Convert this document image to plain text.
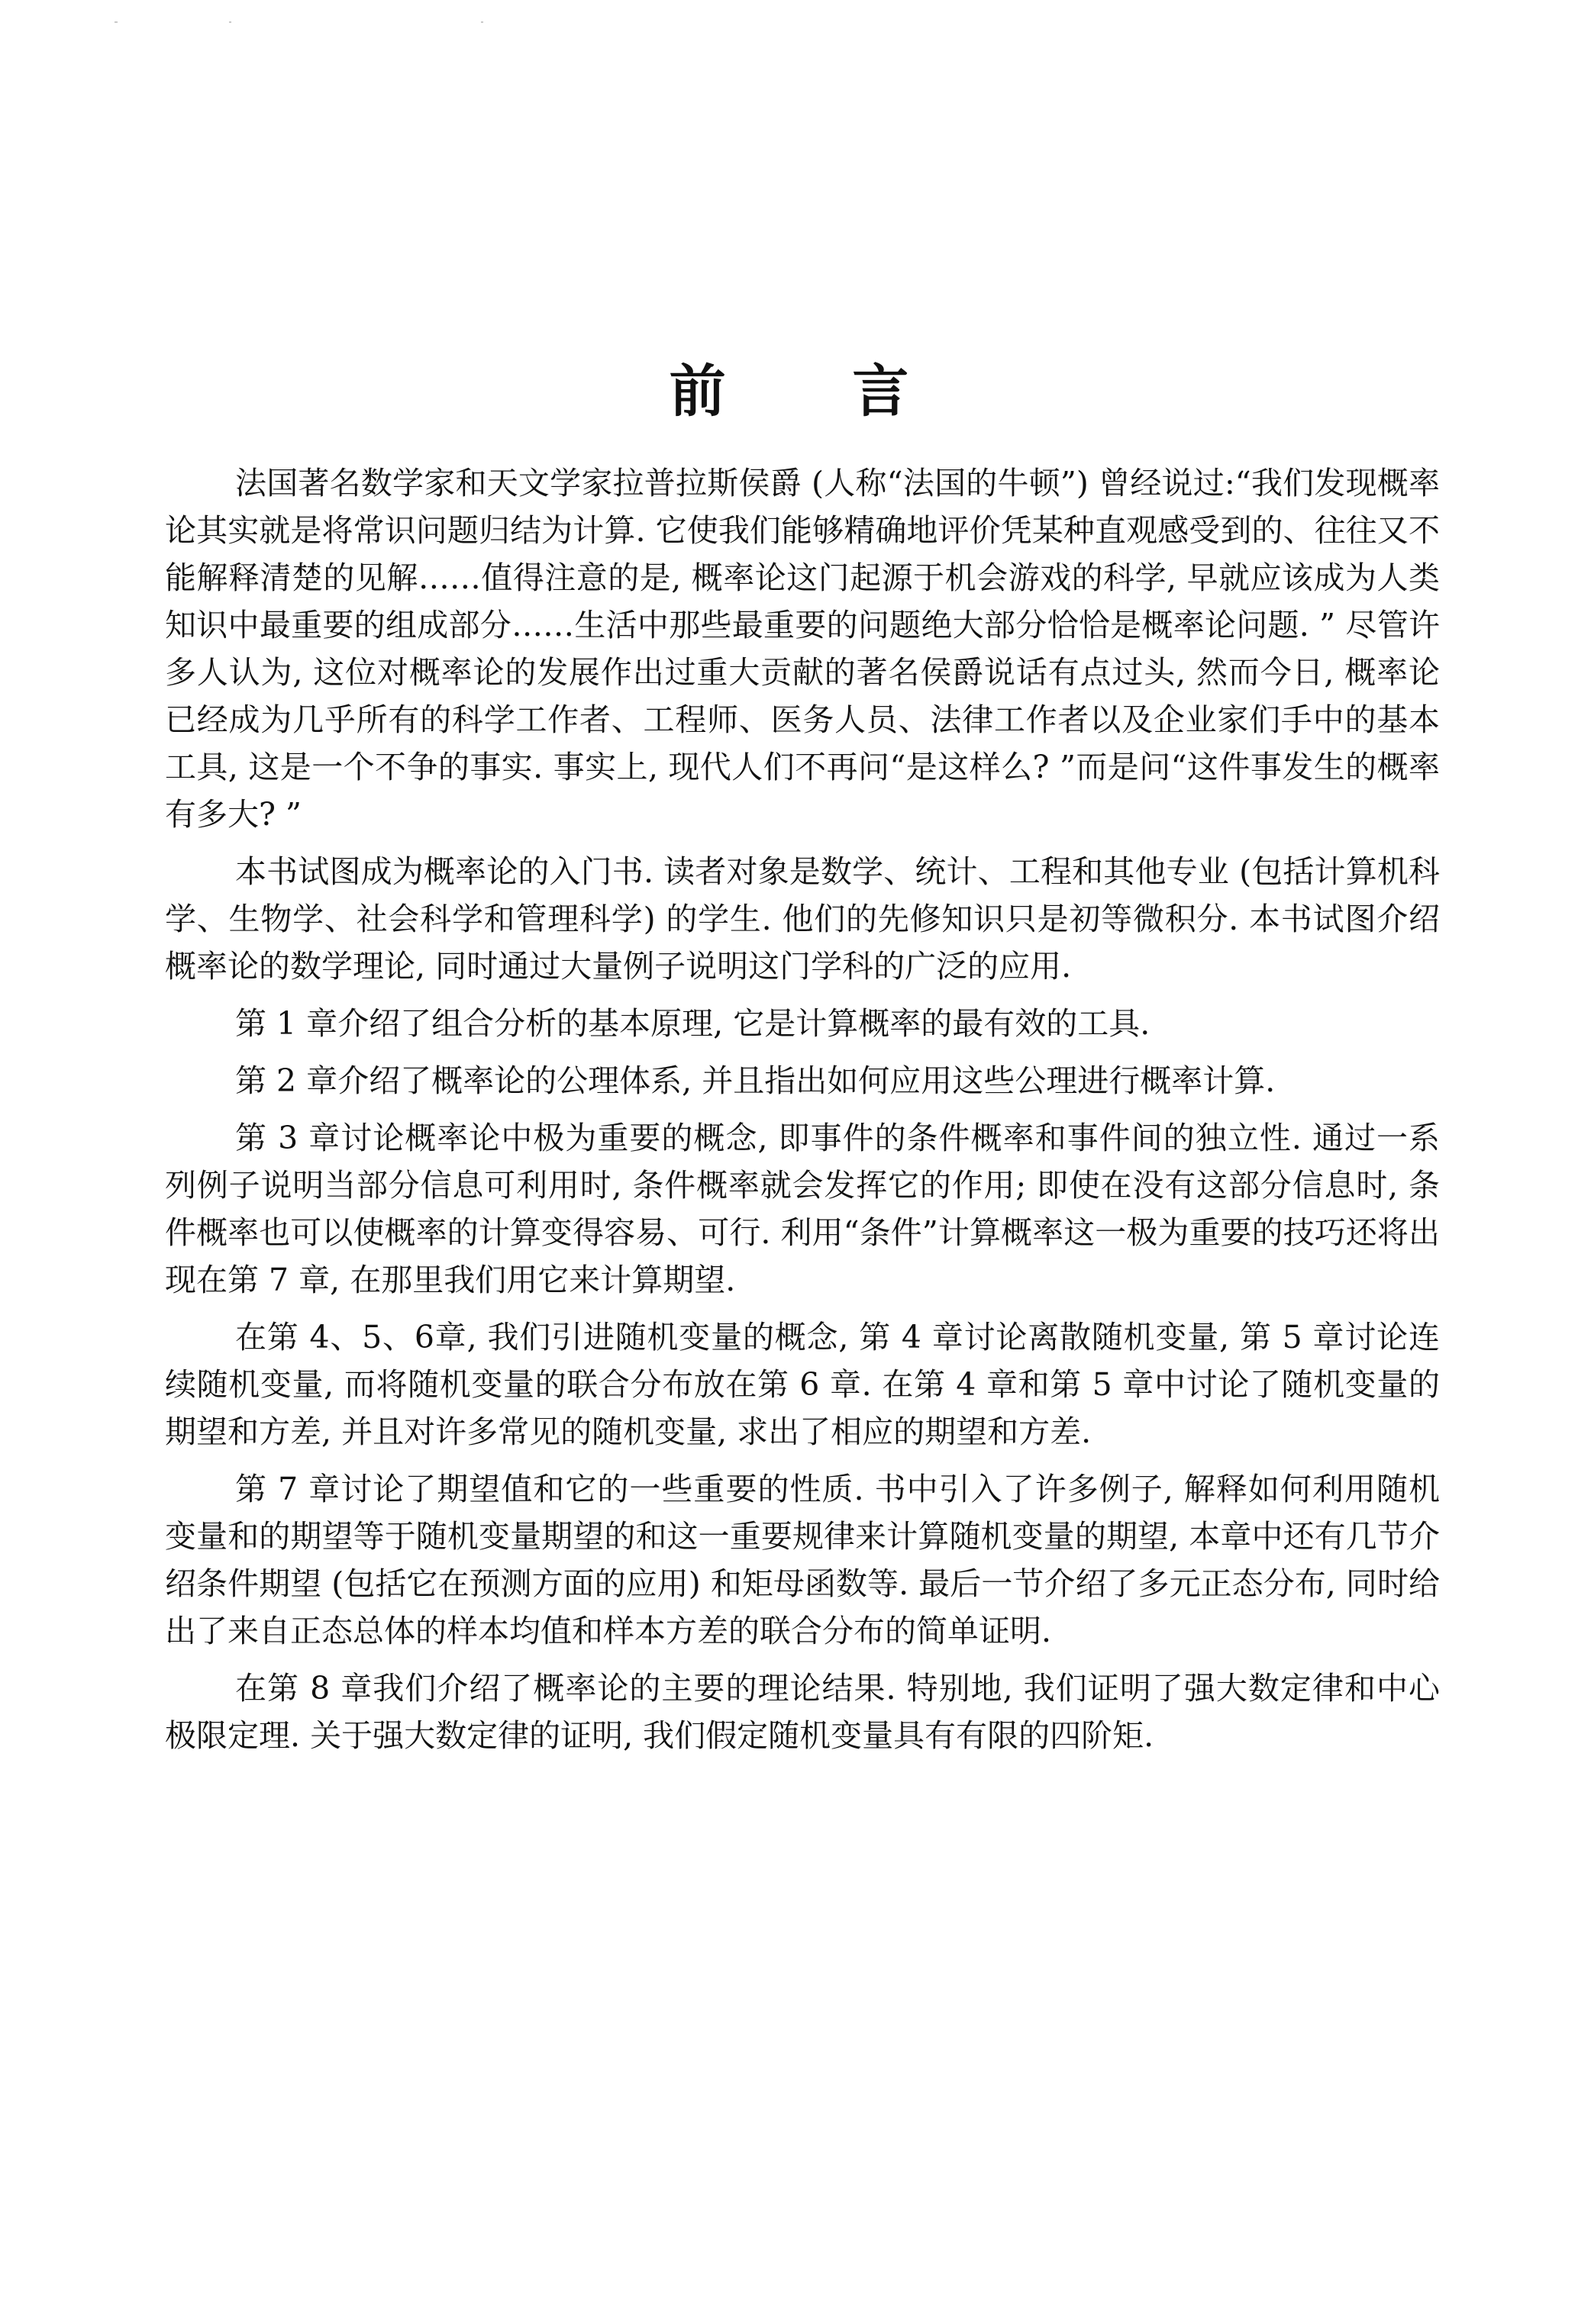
前 言

法国著名数学家和天文学家拉普拉斯侯爵 (人称“法国的牛顿”) 曾经说过:“我们发现概率论其实就是将常识问题归结为计算. 它使我们能够精确地评价凭某种直观感受到的、往往又不能解释清楚的见解……值得注意的是, 概率论这门起源于机会游戏的科学, 早就应该成为人类知识中最重要的组成部分……生活中那些最重要的问题绝大部分恰恰是概率论问题. ” 尽管许多人认为, 这位对概率论的发展作出过重大贡献的著名侯爵说话有点过头, 然而今日, 概率论已经成为几乎所有的科学工作者、工程师、医务人员、法律工作者以及企业家们手中的基本工具, 这是一个不争的事实. 事实上, 现代人们不再问“是这样么? ”而是问“这件事发生的概率有多大? ”

本书试图成为概率论的入门书. 读者对象是数学、统计、工程和其他专业 (包括计算机科学、生物学、社会科学和管理科学) 的学生. 他们的先修知识只是初等微积分. 本书试图介绍概率论的数学理论, 同时通过大量例子说明这门学科的广泛的应用.

第 1 章介绍了组合分析的基本原理, 它是计算概率的最有效的工具.

第 2 章介绍了概率论的公理体系, 并且指出如何应用这些公理进行概率计算.

第 3 章讨论概率论中极为重要的概念, 即事件的条件概率和事件间的独立性. 通过一系列例子说明当部分信息可利用时, 条件概率就会发挥它的作用; 即使在没有这部分信息时, 条件概率也可以使概率的计算变得容易、可行. 利用“条件”计算概率这一极为重要的技巧还将出现在第 7 章, 在那里我们用它来计算期望.

在第 4、5、6章, 我们引进随机变量的概念, 第 4 章讨论离散随机变量, 第 5 章讨论连续随机变量, 而将随机变量的联合分布放在第 6 章. 在第 4 章和第 5 章中讨论了随机变量的期望和方差, 并且对许多常见的随机变量, 求出了相应的期望和方差.

第 7 章讨论了期望值和它的一些重要的性质. 书中引入了许多例子, 解释如何利用随机变量和的期望等于随机变量期望的和这一重要规律来计算随机变量的期望, 本章中还有几节介绍条件期望 (包括它在预测方面的应用) 和矩母函数等. 最后一节介绍了多元正态分布, 同时给出了来自正态总体的样本均值和样本方差的联合分布的简单证明.

在第 8 章我们介绍了概率论的主要的理论结果. 特别地, 我们证明了强大数定律和中心极限定理. 关于强大数定律的证明, 我们假定随机变量具有有限的四阶矩.
